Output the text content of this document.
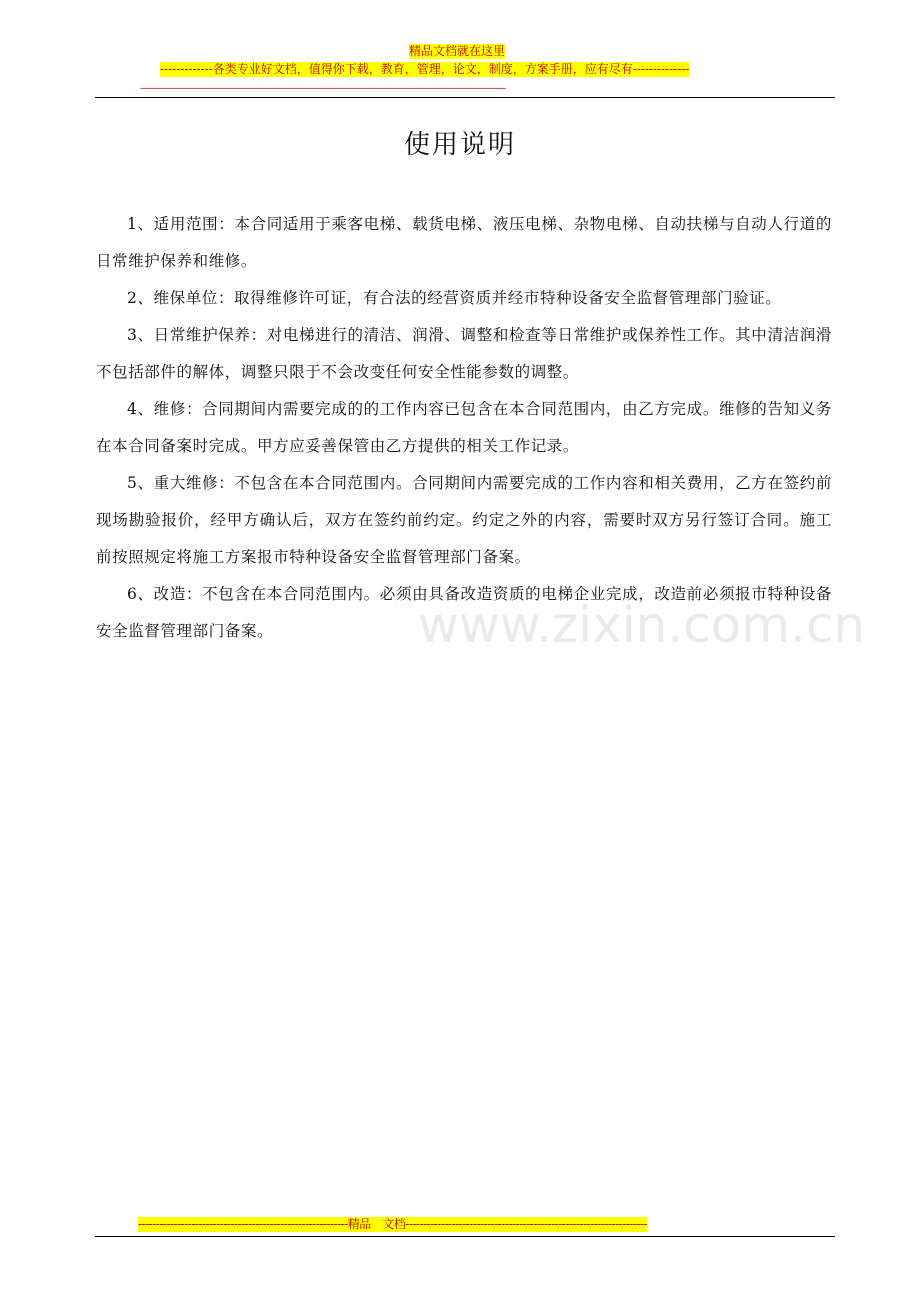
精品文档就在这里
-------------各类专业好文档，值得你下载，教育，管理，论文，制度，方案手册，应有尽有--------------
-----------------------------------------------------------------------------------------------------------------------------------------------------------------------------------
使用说明

1、适用范围：本合同适用于乘客电梯、载货电梯、液压电梯、杂物电梯、自动扶梯与自动人行道的日常维护保养和维修。

2、维保单位：取得维修许可证，有合法的经营资质并经市特种设备安全监督管理部门验证。

3、日常维护保养：对电梯进行的清洁、润滑、调整和检查等日常维护或保养性工作。其中清洁润滑不包括部件的解体，调整只限于不会改变任何安全性能参数的调整。

4、维修：合同期间内需要完成的的工作内容已包含在本合同范围内，由乙方完成。维修的告知义务在本合同备案时完成。甲方应妥善保管由乙方提供的相关工作记录。

5、重大维修：不包含在本合同范围内。合同期间内需要完成的工作内容和相关费用，乙方在签约前现场勘验报价，经甲方确认后，双方在签约前约定。约定之外的内容，需要时双方另行签订合同。施工前按照规定将施工方案报市特种设备安全监督管理部门备案。

6、改造：不包含在本合同范围内。必须由具备改造资质的电梯企业完成，改造前必须报市特种设备安全监督管理部门备案。	www.zixin.com.cn
-----------------------------------------------------------精品　文档--------------------------------------------------------------------
